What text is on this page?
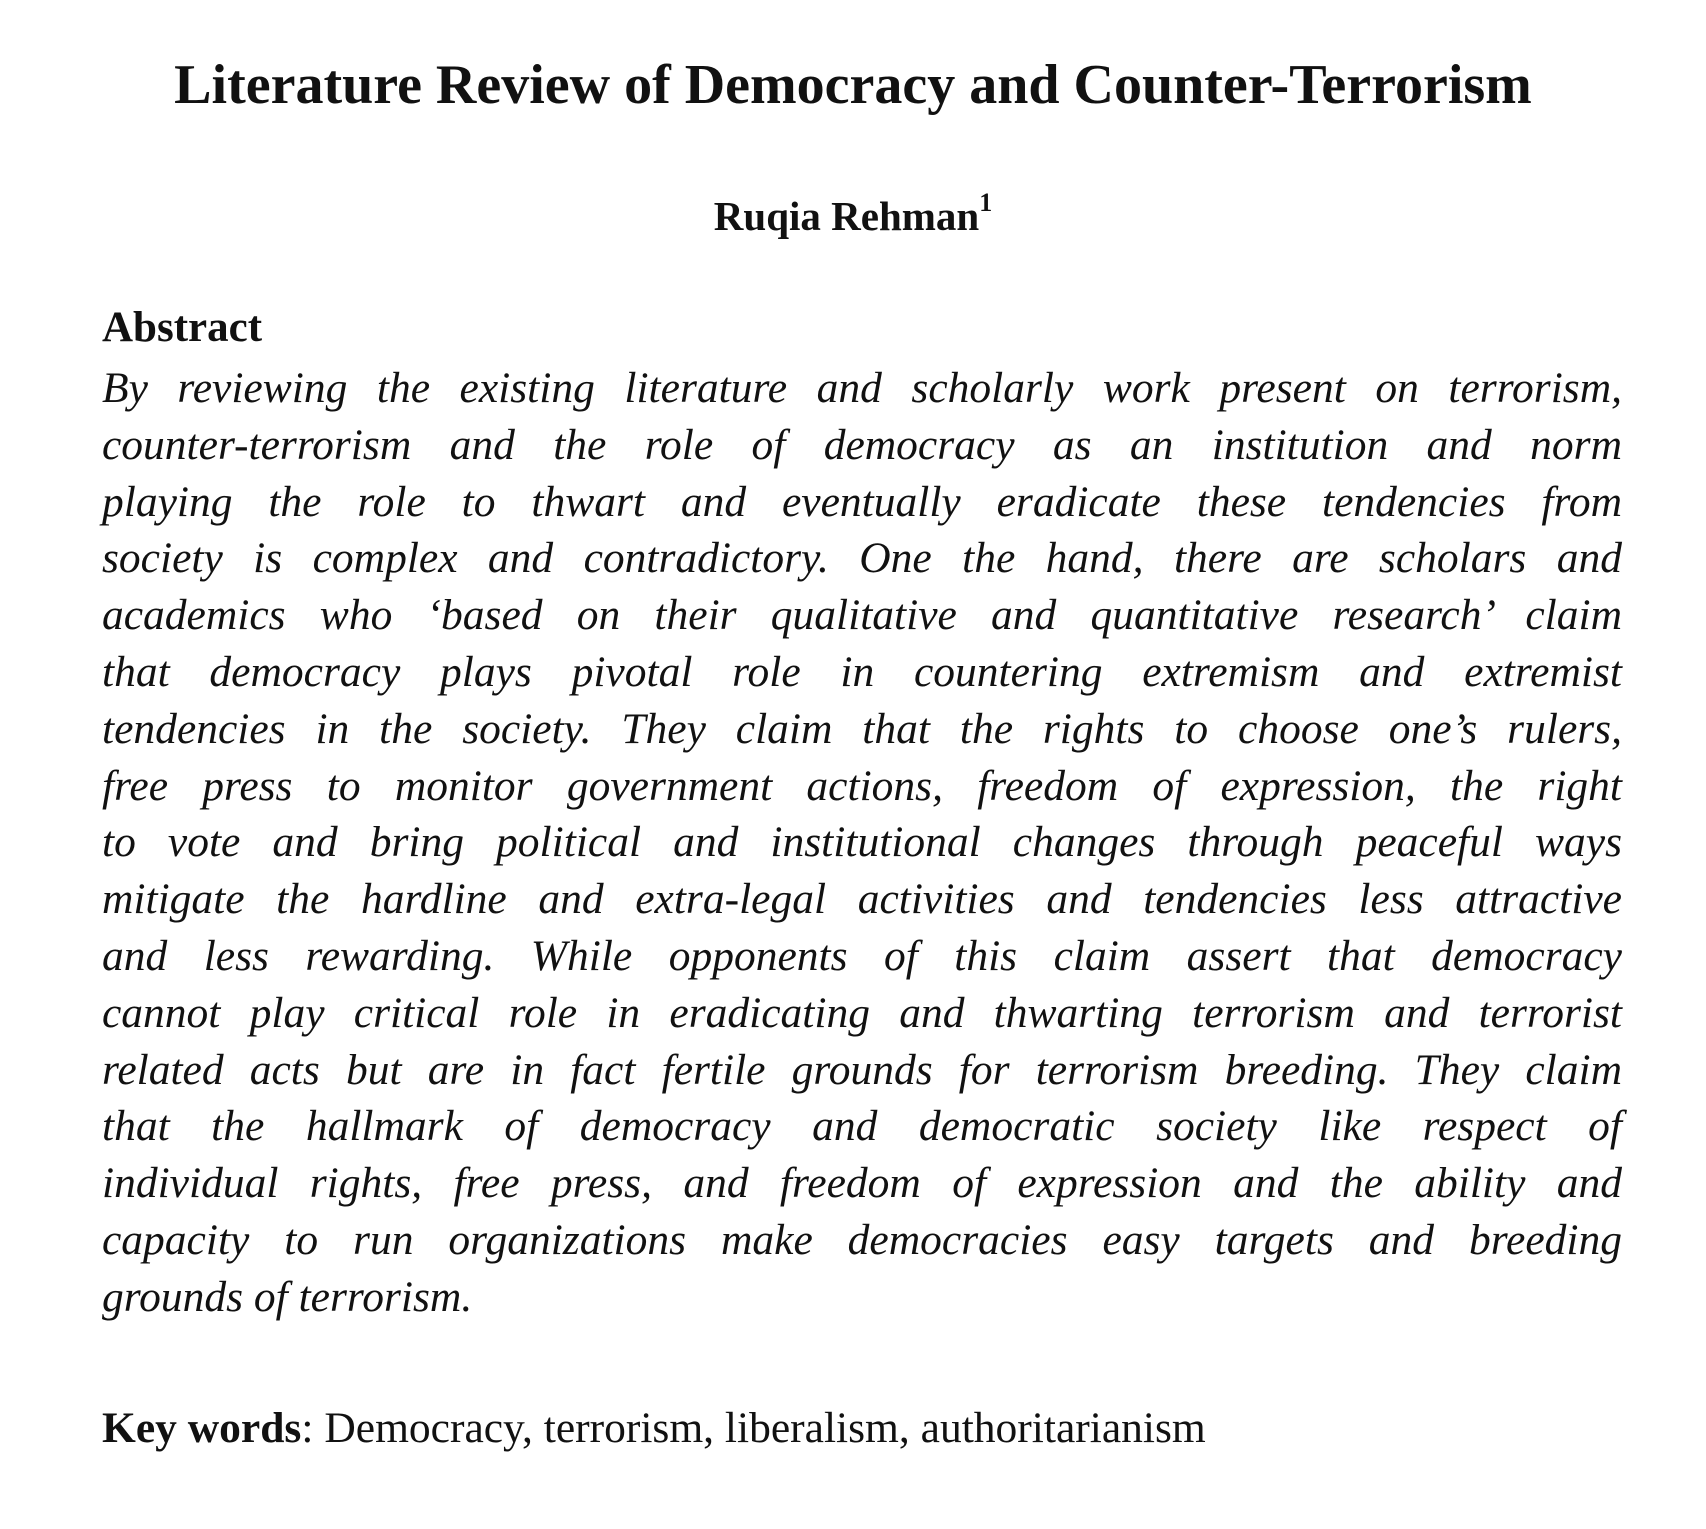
Literature Review of Democracy and Counter-Terrorism

Ruqia Rehman$^1$

Abstract
By reviewing the existing literature and scholarly work present on terrorism,
counter-terrorism and the role of democracy as an institution and norm
playing the role to thwart and eventually eradicate these tendencies from
society is complex and contradictory. One the hand, there are scholars and
academics who ‘based on their qualitative and quantitative research’ claim
that democracy plays pivotal role in countering extremism and extremist
tendencies in the society. They claim that the rights to choose one’s rulers,
free press to monitor government actions, freedom of expression, the right
to vote and bring political and institutional changes through peaceful ways
mitigate the hardline and extra-legal activities and tendencies less attractive
and less rewarding. While opponents of this claim assert that democracy
cannot play critical role in eradicating and thwarting terrorism and terrorist
related acts but are in fact fertile grounds for terrorism breeding. They claim
that the hallmark of democracy and democratic society like respect of
individual rights, free press, and freedom of expression and the ability and
capacity to run organizations make democracies easy targets and breeding
grounds of terrorism.

Key words: Democracy, terrorism, liberalism, authoritarianism
